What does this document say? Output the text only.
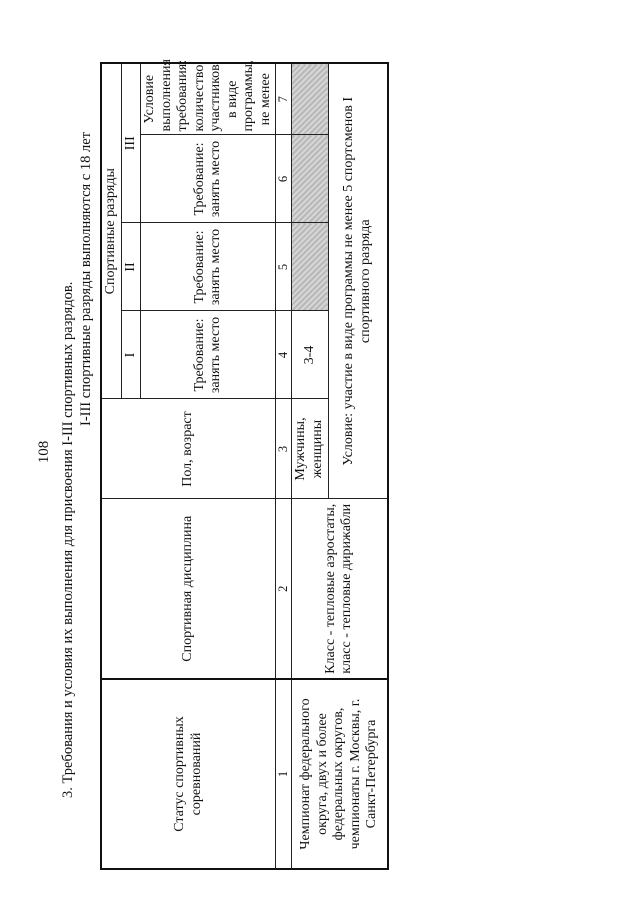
108 3. Требования и условия их выполнения для присвоения I-III спортивных разрядов.
I-III спортивные разряды выполняются с 18 лет
Статус спортивных соревнований	Спортивная дисциплина	Пол, возраст	Спортивные разряды			
			I	II	III	
			Требование: занять место	Требование: занять место	Требование: занять место	Условие выполнения требования: количество участников в виде программы, не менее
1	2	3	4	5	6	7
Чемпионат федерального округа, двух и более федеральных округов, чемпионаты г. Москвы, г. Санкт-Петербурга	Класс - тепловые аэростаты, класс - тепловые дирижабли	Мужчины, женщины	3-4			
		Условие: участие в виде программы не менее 5 спортсменов I спортивного разряда				
